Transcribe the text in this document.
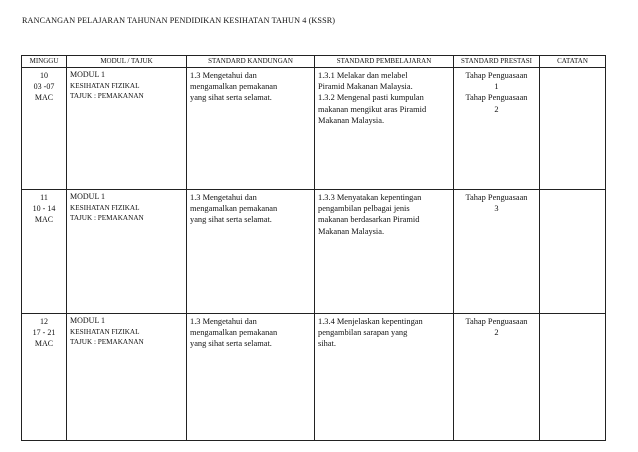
RANCANGAN PELAJARAN TAHUNAN PENDIDIKAN KESIHATAN TAHUN 4 (KSSR)
MINGGU	MODUL / TAJUK	STANDARD KANDUNGAN	STANDARD PEMBELAJARAN	STANDARD PRESTASI	CATATAN

10
03 -07
MAC	MODUL 1
KESIHATAN FIZIKAL
TAJUK : PEMAKANAN	1.3 Mengetahui dan
mengamalkan pemakanan
yang sihat serta selamat.	1.3.1 Melakar dan melabel
Piramid Makanan Malaysia.
1.3.2 Mengenal pasti kumpulan
makanan mengikut aras Piramid
Makanan Malaysia.	Tahap Penguasaan
1
Tahap Penguasaan
2	

11
10 - 14
MAC	MODUL 1
KESIHATAN FIZIKAL
TAJUK : PEMAKANAN	1.3 Mengetahui dan
mengamalkan pemakanan
yang sihat serta selamat.	1.3.3 Menyatakan kepentingan
pengambilan pelbagai jenis
makanan berdasarkan Piramid
Makanan Malaysia.	Tahap Penguasaan
3	

12
17 - 21
MAC	MODUL 1
KESIHATAN FIZIKAL
TAJUK : PEMAKANAN	1.3 Mengetahui dan
mengamalkan pemakanan
yang sihat serta selamat.	1.3.4 Menjelaskan kepentingan
pengambilan sarapan yang
sihat.	Tahap Penguasaan
2	
